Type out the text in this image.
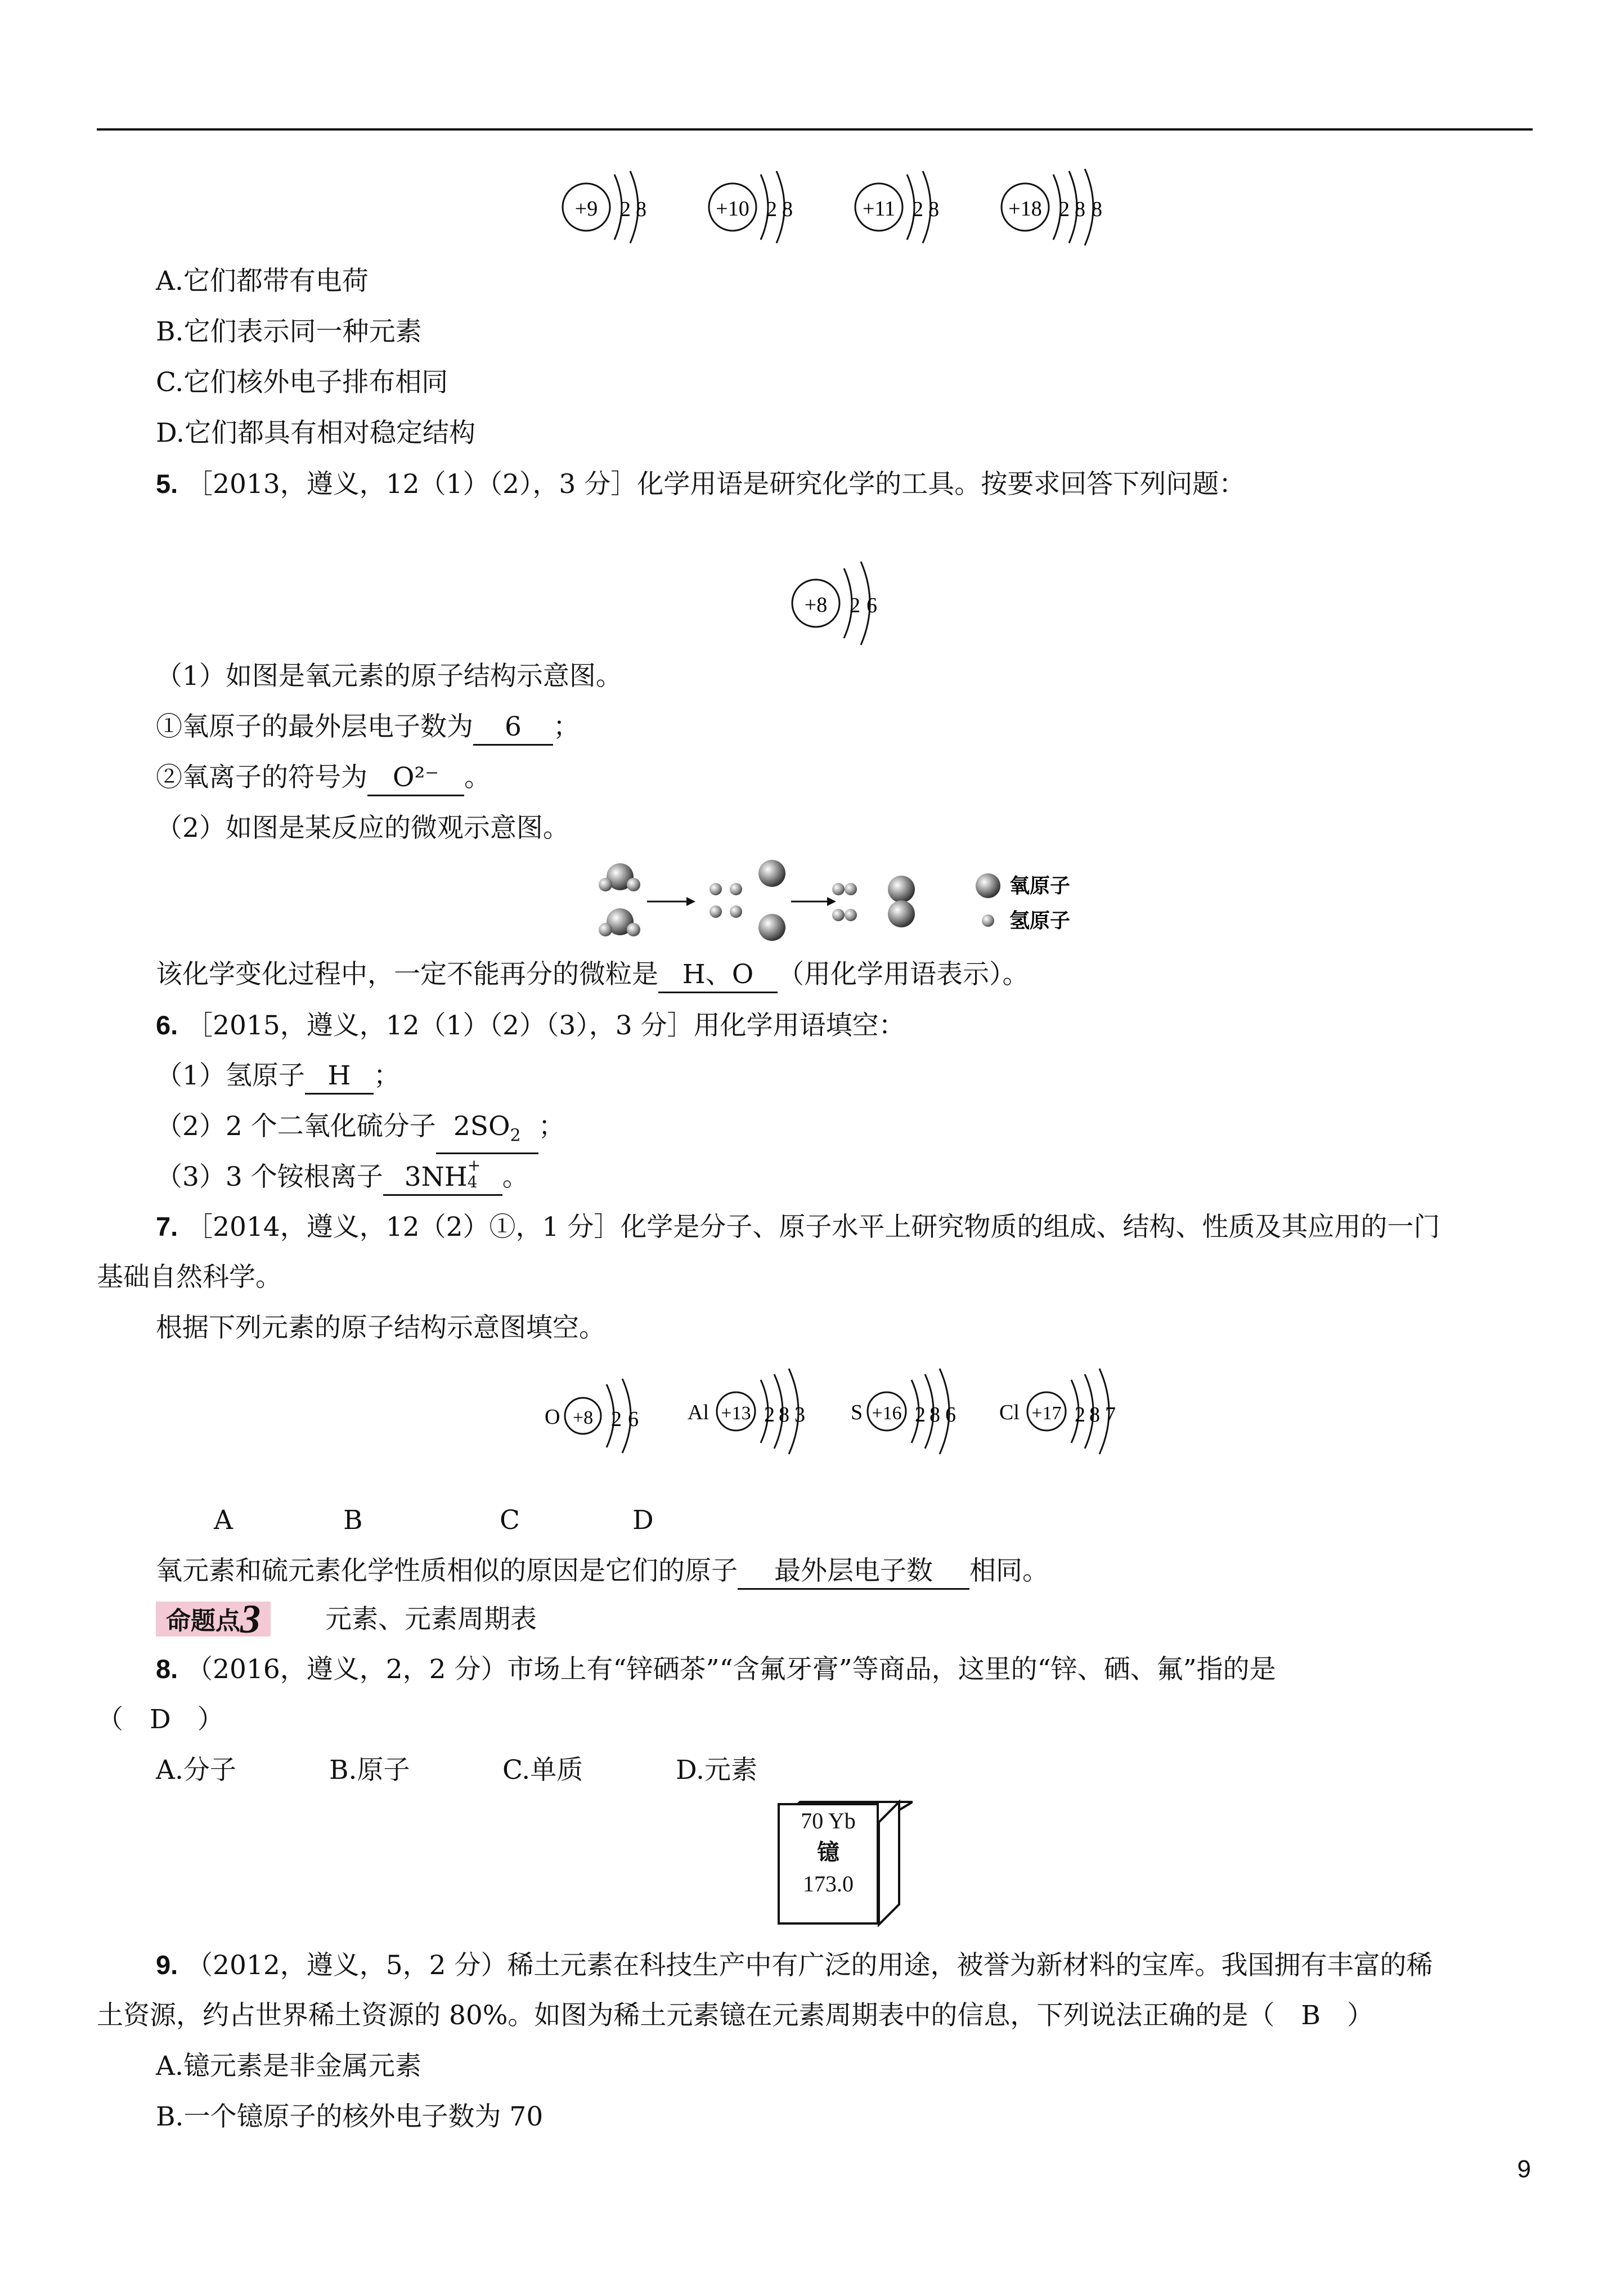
+9 2 8	+10 2 8	+11 2 8	+18 2 8 8
A.它们都带有电荷
B.它们表示同一种元素
C.它们核外电子排布相同
D.它们都具有相对稳定结构
5. ［2013，遵义，12（1）（2），3 分］化学用语是研究化学的工具。按要求回答下列问题：
+8 2 6
（1）如图是氧元素的原子结构示意图。
①氧原子的最外层电子数为 6 ；
②氧离子的符号为 O²⁻ 。
（2）如图是某反应的微观示意图。
氧原子
氢原子
该化学变化过程中，一定不能再分的微粒是 H、O （用化学用语表示）。
6. ［2015，遵义，12（1）（2）（3），3 分］用化学用语填空：
（1）氢原子 H ；
（2）2 个二氧化硫分子 $2SO_2$ ；
（3）3 个铵根离子 3NH +
4 。
7. ［2014，遵义，12（2）①，1 分］化学是分子、原子水平上研究物质的组成、结构、性质及其应用的一门
基础自然科学。
根据下列元素的原子结构示意图填空。
O +8 2 6 Al +13 2 8 3 S +16 2 8 6 Cl +17 2 8 7
A	B	C	D
氧元素和硫元素化学性质相似的原因是它们的原子 最外层电子数 相同。
命题点3	元素、元素周期表
8. （2016，遵义，2，2 分）市场上有“锌硒茶”“含氟牙膏”等商品，这里的“锌、硒、氟”指的是
（　D　）
A.分子	B.原子	C.单质	D.元素
70 Yb
镱
173.0
9. （2012，遵义，5，2 分）稀土元素在科技生产中有广泛的用途，被誉为新材料的宝库。我国拥有丰富的稀
土资源，约占世界稀土资源的 80%。如图为稀土元素镱在元素周期表中的信息，下列说法正确的是（　B　）
A.镱元素是非金属元素
B.一个镱原子的核外电子数为 70
9
